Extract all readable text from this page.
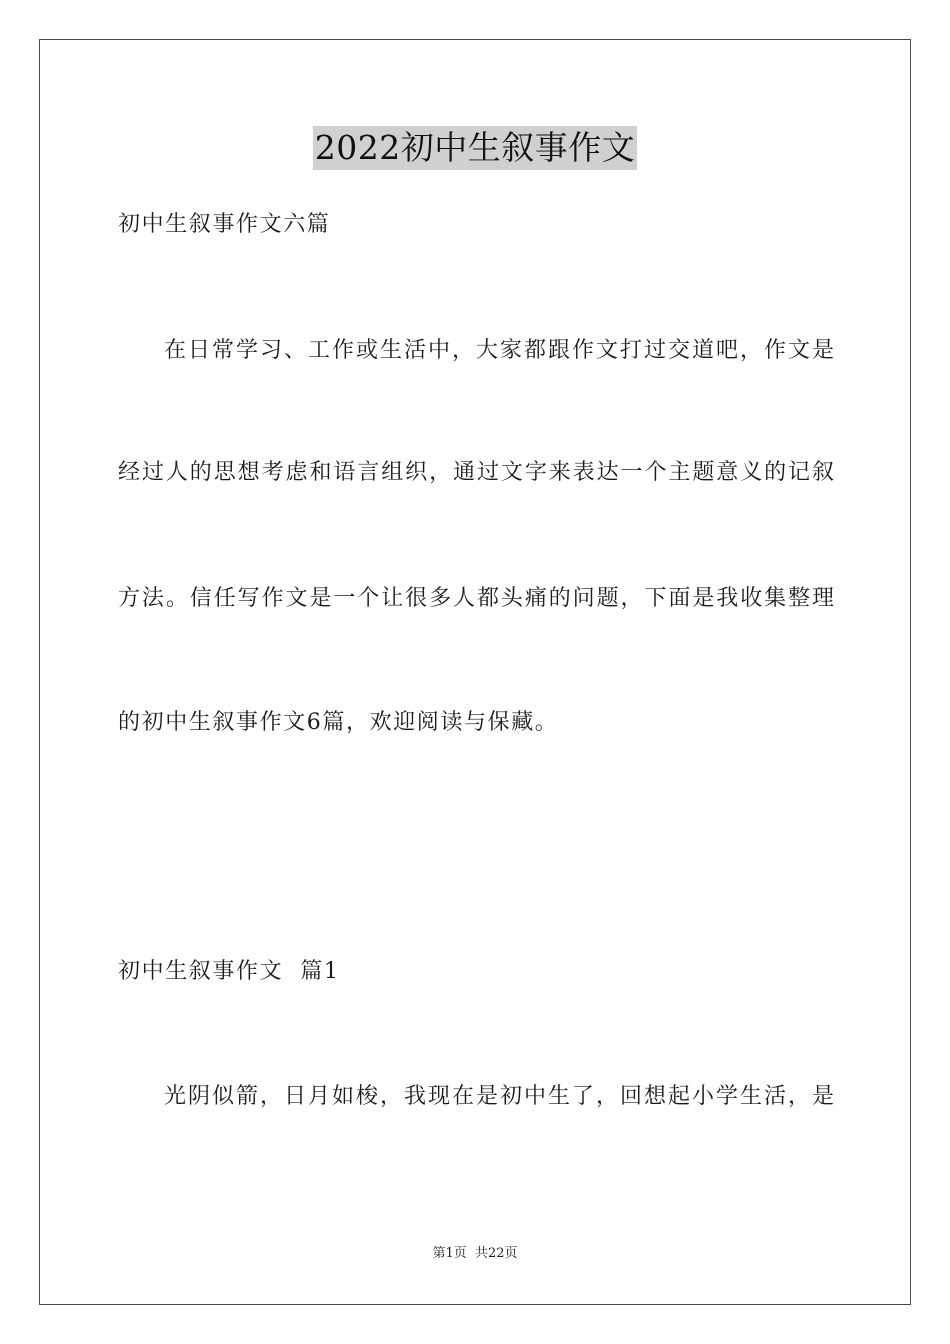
2022初中生叙事作文
初中生叙事作文六篇
在日常学习、工作或生活中，大家都跟作文打过交道吧，作文是
经过人的思想考虑和语言组织，通过文字来表达一个主题意义的记叙
方法。信任写作文是一个让很多人都头痛的问题，下面是我收集整理
的初中生叙事作文6篇，欢迎阅读与保藏。
初中生叙事作文  篇1
光阴似箭，日月如梭，我现在是初中生了，回想起小学生活，是
第1页 共22页
